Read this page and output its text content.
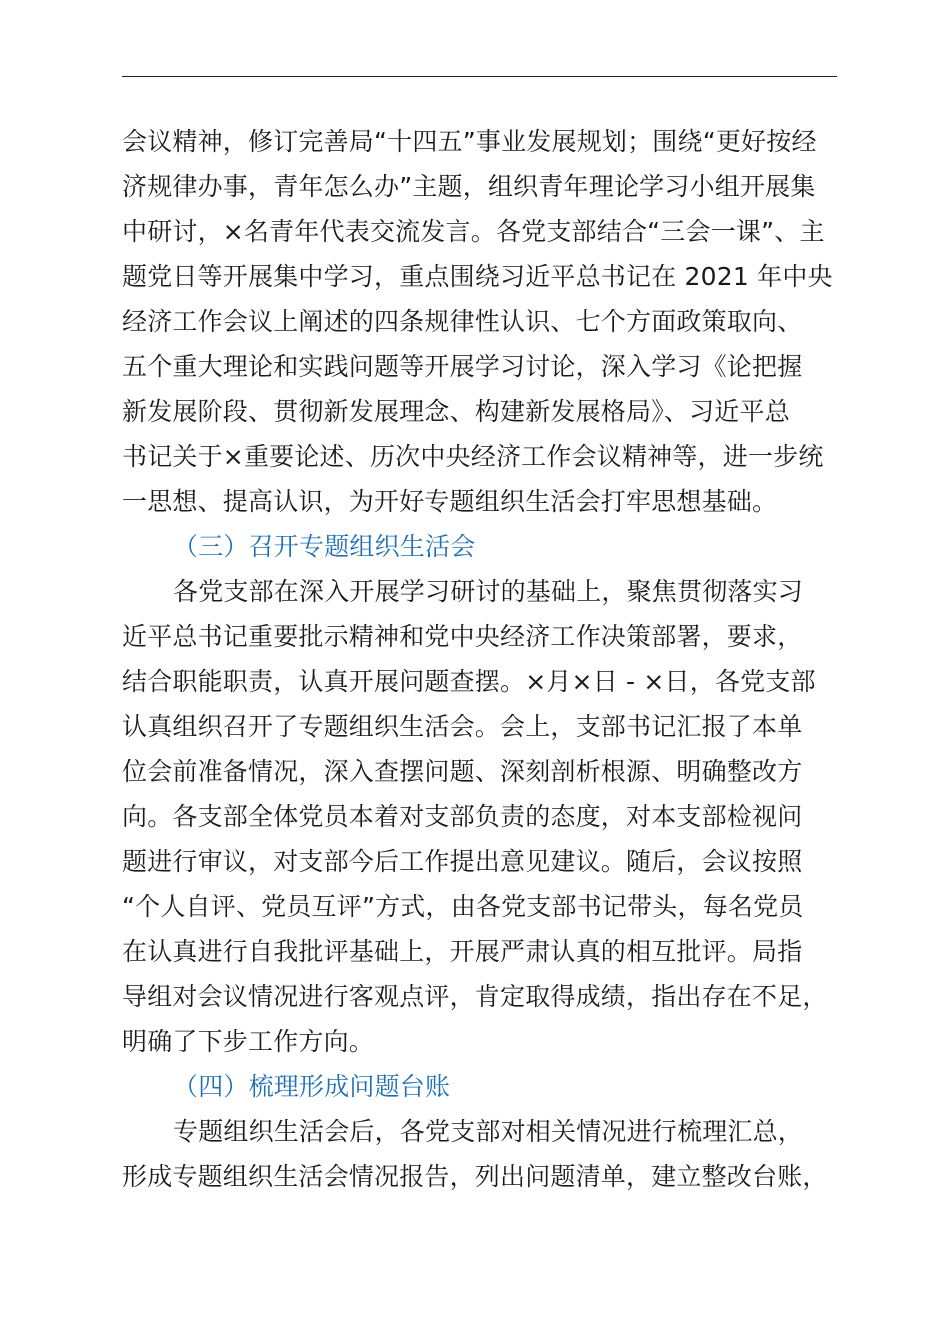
会议精神，修订完善局“十四五”事业发展规划；围绕“更好按经
济规律办事，青年怎么办”主题，组织青年理论学习小组开展集
中研讨，×名青年代表交流发言。各党支部结合“三会一课”、主
题党日等开展集中学习，重点围绕习近平总书记在 2021 年中央
经济工作会议上阐述的四条规律性认识、七个方面政策取向、
五个重大理论和实践问题等开展学习讨论，深入学习《论把握
新发展阶段、贯彻新发展理念、构建新发展格局》、习近平总
书记关于×重要论述、历次中央经济工作会议精神等，进一步统
一思想、提高认识，为开好专题组织生活会打牢思想基础。
（三）召开专题组织生活会
各党支部在深入开展学习研讨的基础上，聚焦贯彻落实习
近平总书记重要批示精神和党中央经济工作决策部署，要求，
结合职能职责，认真开展问题查摆。×月×日 - ×日，各党支部
认真组织召开了专题组织生活会。会上，支部书记汇报了本单
位会前准备情况，深入查摆问题、深刻剖析根源、明确整改方
向。各支部全体党员本着对支部负责的态度，对本支部检视问
题进行审议，对支部今后工作提出意见建议。随后，会议按照
“个人自评、党员互评”方式，由各党支部书记带头，每名党员
在认真进行自我批评基础上，开展严肃认真的相互批评。局指
导组对会议情况进行客观点评，肯定取得成绩，指出存在不足，
明确了下步工作方向。
（四）梳理形成问题台账
专题组织生活会后，各党支部对相关情况进行梳理汇总，
形成专题组织生活会情况报告，列出问题清单，建立整改台账，
